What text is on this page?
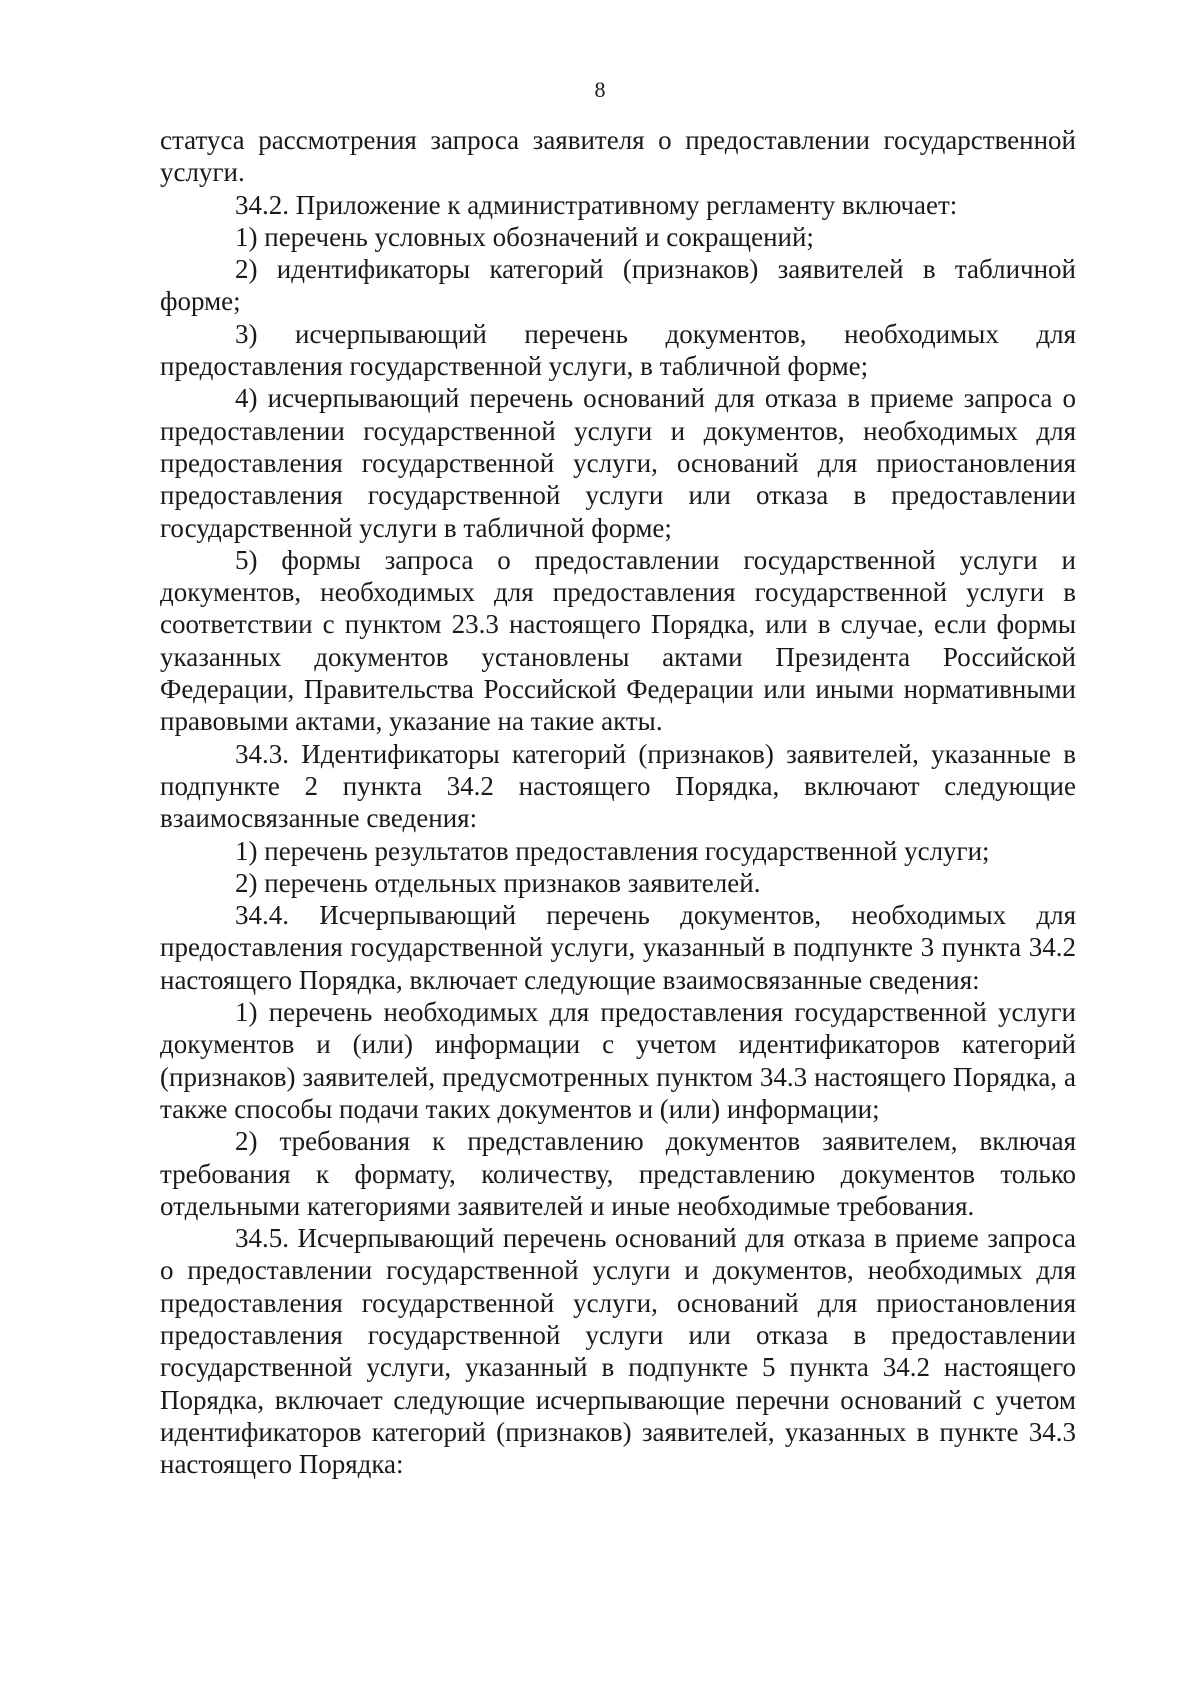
8

статуса рассмотрения запроса заявителя о предоставлении государственной услуги.

34.2. Приложение к административному регламенту включает:

1) перечень условных обозначений и сокращений;

2) идентификаторы категорий (признаков) заявителей в табличной форме;

3) исчерпывающий перечень документов, необходимых для предоставления государственной услуги, в табличной форме;

4) исчерпывающий перечень оснований для отказа в приеме запроса о предоставлении государственной услуги и документов, необходимых для предоставления государственной услуги, оснований для приостановления предоставления государственной услуги или отказа в предоставлении государственной услуги в табличной форме;

5) формы запроса о предоставлении государственной услуги и документов, необходимых для предоставления государственной услуги в соответствии с пунктом 23.3 настоящего Порядка, или в случае, если формы указанных документов установлены актами Президента Российской Федерации, Правительства Российской Федерации или иными нормативными правовыми актами, указание на такие акты.

34.3. Идентификаторы категорий (признаков) заявителей, указанные в подпункте 2 пункта 34.2 настоящего Порядка, включают следующие взаимосвязанные сведения:

1) перечень результатов предоставления государственной услуги;

2) перечень отдельных признаков заявителей.

34.4. Исчерпывающий перечень документов, необходимых для предоставления государственной услуги, указанный в подпункте 3 пункта 34.2 настоящего Порядка, включает следующие взаимосвязанные сведения:

1) перечень необходимых для предоставления государственной услуги документов и (или) информации с учетом идентификаторов категорий (признаков) заявителей, предусмотренных пунктом 34.3 настоящего Порядка, а также способы подачи таких документов и (или) информации;

2) требования к представлению документов заявителем, включая требования к формату, количеству, представлению документов только отдельными категориями заявителей и иные необходимые требования.

34.5. Исчерпывающий перечень оснований для отказа в приеме запроса о предоставлении государственной услуги и документов, необходимых для предоставления государственной услуги, оснований для приостановления предоставления государственной услуги или отказа в предоставлении государственной услуги, указанный в подпункте 5 пункта 34.2 настоящего Порядка, включает следующие исчерпывающие перечни оснований с учетом идентификаторов категорий (признаков) заявителей, указанных в пункте 34.3 настоящего Порядка:
